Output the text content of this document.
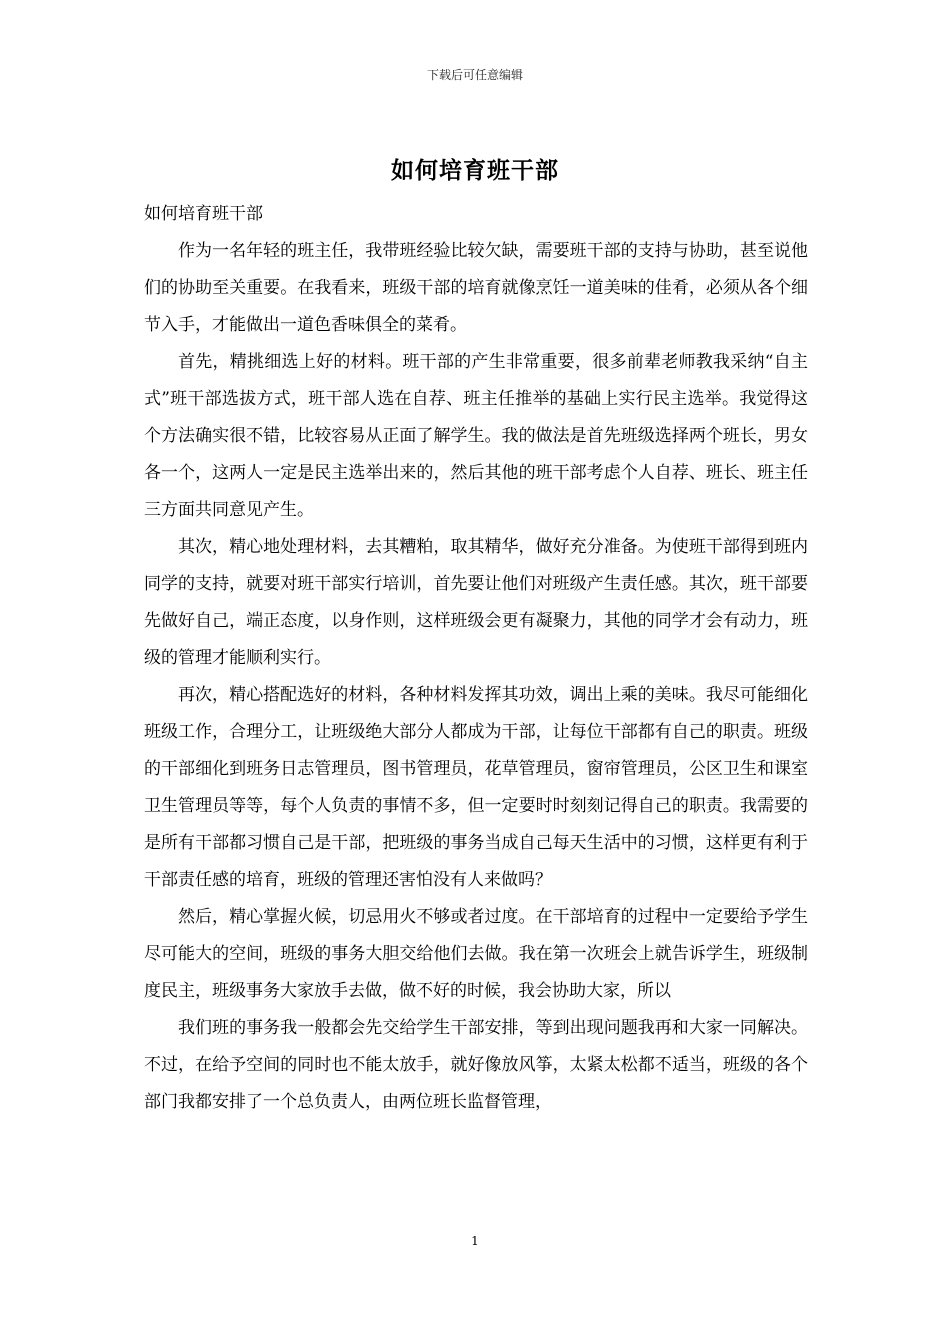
下载后可任意编辑
如何培育班干部

如何培育班干部

作为一名年轻的班主任，我带班经验比较欠缺，需要班干部的支持与协助，甚至说他们的协助至关重要。在我看来，班级干部的培育就像烹饪一道美味的佳肴，必须从各个细节入手，才能做出一道色香味俱全的菜肴。

首先，精挑细选上好的材料。班干部的产生非常重要，很多前辈老师教我采纳“自主式”班干部选拔方式，班干部人选在自荐、班主任推举的基础上实行民主选举。我觉得这个方法确实很不错，比较容易从正面了解学生。我的做法是首先班级选择两个班长，男女各一个，这两人一定是民主选举出来的，然后其他的班干部考虑个人自荐、班长、班主任三方面共同意见产生。

其次，精心地处理材料，去其糟粕，取其精华，做好充分准备。为使班干部得到班内同学的支持，就要对班干部实行培训，首先要让他们对班级产生责任感。其次，班干部要先做好自己，端正态度，以身作则，这样班级会更有凝聚力，其他的同学才会有动力，班级的管理才能顺利实行。

再次，精心搭配选好的材料，各种材料发挥其功效，调出上乘的美味。我尽可能细化班级工作，合理分工，让班级绝大部分人都成为干部，让每位干部都有自己的职责。班级的干部细化到班务日志管理员，图书管理员，花草管理员，窗帘管理员，公区卫生和课室卫生管理员等等，每个人负责的事情不多，但一定要时时刻刻记得自己的职责。我需要的是所有干部都习惯自己是干部，把班级的事务当成自己每天生活中的习惯，这样更有利于干部责任感的培育，班级的管理还害怕没有人来做吗？

然后，精心掌握火候，切忌用火不够或者过度。在干部培育的过程中一定要给予学生尽可能大的空间，班级的事务大胆交给他们去做。我在第一次班会上就告诉学生，班级制度民主，班级事务大家放手去做，做不好的时候，我会协助大家，所以

我们班的事务我一般都会先交给学生干部安排，等到出现问题我再和大家一同解决。不过，在给予空间的同时也不能太放手，就好像放风筝，太紧太松都不适当，班级的各个部门我都安排了一个总负责人，由两位班长监督管理，

1
